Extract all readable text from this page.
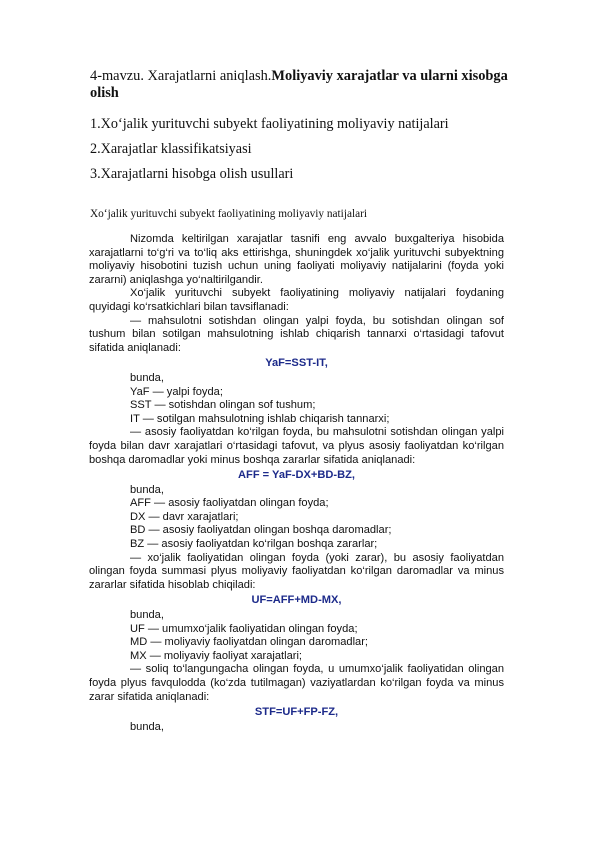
4-mavzu. Xarajatlarni aniqlash.Moliyaviy xarajatlar va ularni xisobga olish
1.Xo‘jalik yurituvchi subyekt faoliyatining moliyaviy natijalari
2.Xarajatlar klassifikatsiyasi
3.Xarajatlarni hisobga olish usullari
Xo‘jalik yurituvchi subyekt faoliyatining moliyaviy natijalari

Nizomda keltirilgan xarajatlar tasnifi eng avvalo buxgalteriya hisobida xarajatlarni to‘g‘ri va to‘liq aks ettirishga, shuningdek xo‘jalik yurituvchi subyektning moliyaviy hisobotini tuzish uchun uning faoliyati moliyaviy natijalarini (foyda yoki zararni) aniqlashga yo‘naltirilgandir.

Xo‘jalik yurituvchi subyekt faoliyatining moliyaviy natijalari foydaning quyidagi ko‘rsatkichlari bilan tavsiflanadi:

— mahsulotni sotishdan olingan yalpi foyda, bu sotishdan olingan sof tushum bilan sotilgan mahsulotning ishlab chiqarish tannarxi o‘rtasidagi tafovut sifatida aniqlanadi:

YaF=SST-IT,

bunda,

YaF — yalpi foyda;

SST — sotishdan olingan sof tushum;

IT — sotilgan mahsulotning ishlab chiqarish tannarxi;

— asosiy faoliyatdan ko‘rilgan foyda, bu mahsulotni sotishdan olingan yalpi foyda bilan davr xarajatlari o‘rtasidagi tafovut, va plyus asosiy faoliyatdan ko‘rilgan boshqa daromadlar yoki minus boshqa zararlar sifatida aniqlanadi:

AFF = YaF-DX+BD-BZ,

bunda,

AFF — asosiy faoliyatdan olingan foyda;

DX — davr xarajatlari;

BD — asosiy faoliyatdan olingan boshqa daromadlar;

BZ — asosiy faoliyatdan ko‘rilgan boshqa zararlar;

— xo‘jalik faoliyatidan olingan foyda (yoki zarar), bu asosiy faoliyatdan olingan foyda summasi plyus moliyaviy faoliyatdan ko‘rilgan daromadlar va minus zararlar sifatida hisoblab chiqiladi:

UF=AFF+MD-MX,

bunda,

UF — umumxo‘jalik faoliyatidan olingan foyda;

MD — moliyaviy faoliyatdan olingan daromadlar;

MX — moliyaviy faoliyat xarajatlari;

— soliq to‘langungacha olingan foyda, u umumxo‘jalik faoliyatidan olingan foyda plyus favqulodda (ko‘zda tutilmagan) vaziyatlardan ko‘rilgan foyda va minus zarar sifatida aniqlanadi:

STF=UF+FP-FZ,

bunda,
